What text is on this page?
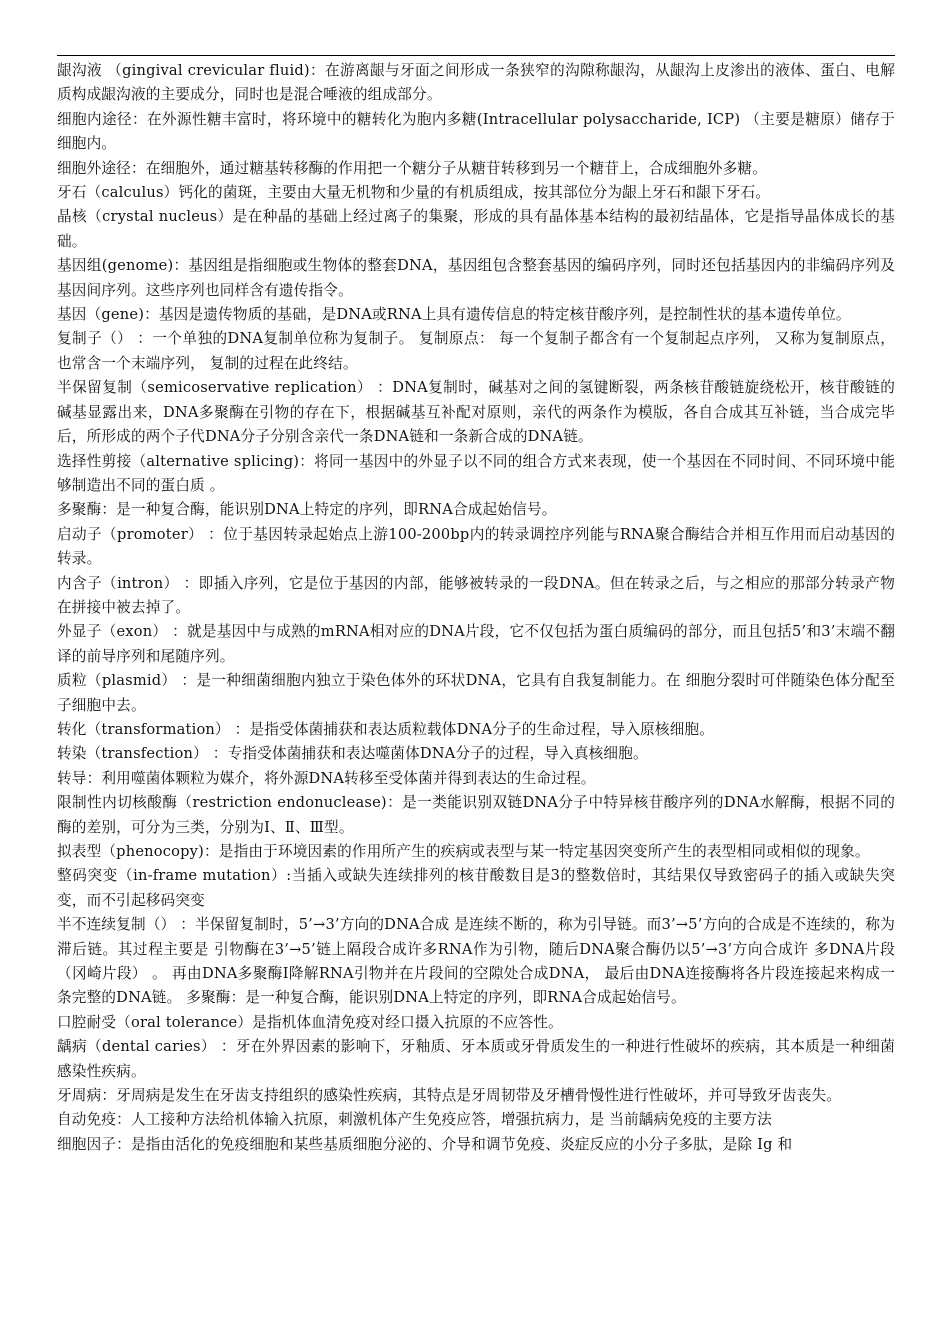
龈沟液 （gingival crevicular fluid)：在游离龈与牙面之间形成一条狭窄的沟隙称龈沟，从龈沟上皮渗出的液体、蛋白、电解质构成龈沟液的主要成分，同时也是混合唾液的组成部分。

细胞内途径：在外源性糖丰富时，将环境中的糖转化为胞内多糖(Intracellular polysaccharide, ICP) （主要是糖原）储存于细胞内。

细胞外途径：在细胞外，通过糖基转移酶的作用把一个糖分子从糖苷转移到另一个糖苷上，合成细胞外多糖。

牙石（calculus）钙化的菌斑，主要由大量无机物和少量的有机质组成，按其部位分为龈上牙石和龈下牙石。

晶核（crystal nucleus）是在种晶的基础上经过离子的集聚，形成的具有晶体基本结构的最初结晶体，它是指导晶体成长的基础。

基因组(genome)：基因组是指细胞或生物体的整套DNA，基因组包含整套基因的编码序列，同时还包括基因内的非编码序列及基因间序列。这些序列也同样含有遗传指令。

基因（gene)：基因是遗传物质的基础，是DNA或RNA上具有遗传信息的特定核苷酸序列，是控制性状的基本遗传单位。

复制子（） ：一个单独的DNA复制单位称为复制子。 复制原点： 每一个复制子都含有一个复制起点序列， 又称为复制原点， 也常含一个末端序列， 复制的过程在此终结。

半保留复制（semicoservative replication） ：DNA复制时，碱基对之间的氢键断裂，两条核苷酸链旋绕松开，核苷酸链的碱基显露出来，DNA多聚酶在引物的存在下，根据碱基互补配对原则，亲代的两条作为模版，各自合成其互补链，当合成完毕后，所形成的两个子代DNA分子分别含亲代一条DNA链和一条新合成的DNA链。

选择性剪接（alternative splicing)：将同一基因中的外显子以不同的组合方式来表现，使一个基因在不同时间、不同环境中能够制造出不同的蛋白质 。

多聚酶：是一种复合酶，能识别DNA上特定的序列，即RNA合成起始信号。

启动子（promoter） ：位于基因转录起始点上游100-200bp内的转录调控序列能与RNA聚合酶结合并相互作用而启动基因的转录。

内含子（intron） ：即插入序列，它是位于基因的内部，能够被转录的一段DNA。但在转录之后，与之相应的那部分转录产物在拼接中被去掉了。

外显子（exon） ：就是基因中与成熟的mRNA相对应的DNA片段，它不仅包括为蛋白质编码的部分，而且包括5’和3’末端不翻译的前导序列和尾随序列。

质粒（plasmid） ：是一种细菌细胞内独立于染色体外的环状DNA，它具有自我复制能力。在 细胞分裂时可伴随染色体分配至子细胞中去。

转化（transformation） ：是指受体菌捕获和表达质粒载体DNA分子的生命过程，导入原核细胞。

转染（transfection） ：专指受体菌捕获和表达噬菌体DNA分子的过程，导入真核细胞。

转导：利用噬菌体颗粒为媒介，将外源DNA转移至受体菌并得到表达的生命过程。

限制性内切核酸酶（restriction endonuclease)：是一类能识别双链DNA分子中特异核苷酸序列的DNA水解酶，根据不同的酶的差别，可分为三类，分别为Ⅰ、Ⅱ、Ⅲ型。

拟表型（phenocopy)：是指由于环境因素的作用所产生的疾病或表型与某一特定基因突变所产生的表型相同或相似的现象。

整码突变（in-frame mutation）:当插入或缺失连续排列的核苷酸数目是3的整数倍时，其结果仅导致密码子的插入或缺失突变，而不引起移码突变

半不连续复制（） ：半保留复制时，5’→3’方向的DNA合成 是连续不断的，称为引导链。而3’→5’方向的合成是不连续的，称为滞后链。其过程主要是 引物酶在3’→5’链上隔段合成许多RNA作为引物，随后DNA聚合酶仍以5’→3’方向合成许 多DNA片段 （冈崎片段） 。 再由DNA多聚酶Ⅰ降解RNA引物并在片段间的空隙处合成DNA， 最后由DNA连接酶将各片段连接起来构成一条完整的DNA链。 多聚酶：是一种复合酶，能识别DNA上特定的序列，即RNA合成起始信号。

口腔耐受（oral tolerance）是指机体血清免疫对经口摄入抗原的不应答性。

龋病（dental caries） ：牙在外界因素的影响下，牙釉质、牙本质或牙骨质发生的一种进行性破坏的疾病，其本质是一种细菌感染性疾病。

牙周病：牙周病是发生在牙齿支持组织的感染性疾病，其特点是牙周韧带及牙槽骨慢性进行性破坏，并可导致牙齿丧失。

自动免疫：人工接种方法给机体输入抗原，刺激机体产生免疫应答，增强抗病力，是 当前龋病免疫的主要方法

细胞因子：是指由活化的免疫细胞和某些基质细胞分泌的、介导和调节免疫、炎症反应的小分子多肽，是除 Ig 和
